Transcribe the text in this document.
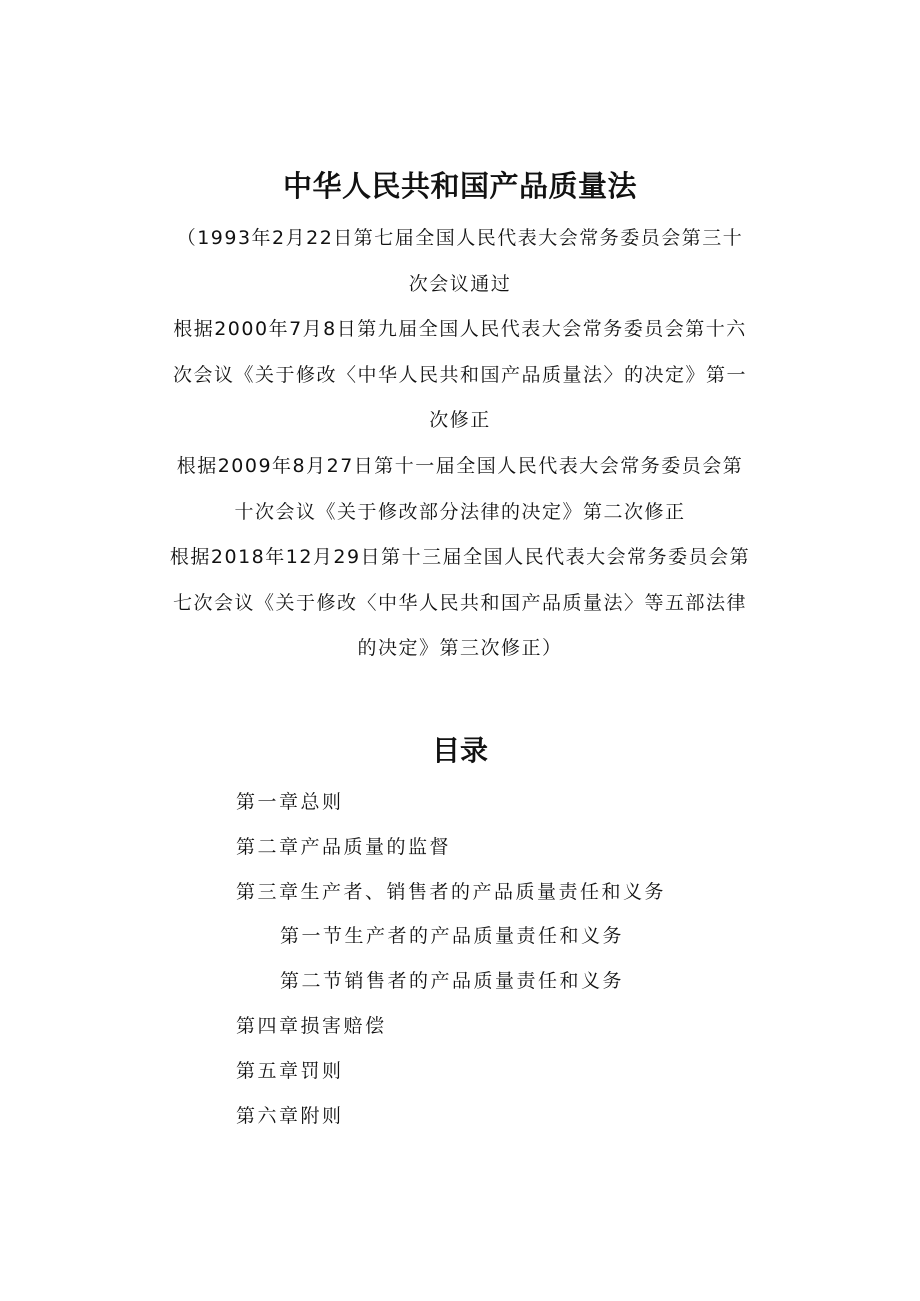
中华人民共和国产品质量法
（1993年2月22日第七届全国人民代表大会常务委员会第三十
次会议通过
根据2000年7月8日第九届全国人民代表大会常务委员会第十六
次会议《关于修改〈中华人民共和国产品质量法〉的决定》第一
次修正
根据2009年8月27日第十一届全国人民代表大会常务委员会第
十次会议《关于修改部分法律的决定》第二次修正
根据2018年12月29日第十三届全国人民代表大会常务委员会第
七次会议《关于修改〈中华人民共和国产品质量法〉等五部法律
的决定》第三次修正）
目录
第一章总则
第二章产品质量的监督
第三章生产者、销售者的产品质量责任和义务
第一节生产者的产品质量责任和义务
第二节销售者的产品质量责任和义务
第四章损害赔偿
第五章罚则
第六章附则
